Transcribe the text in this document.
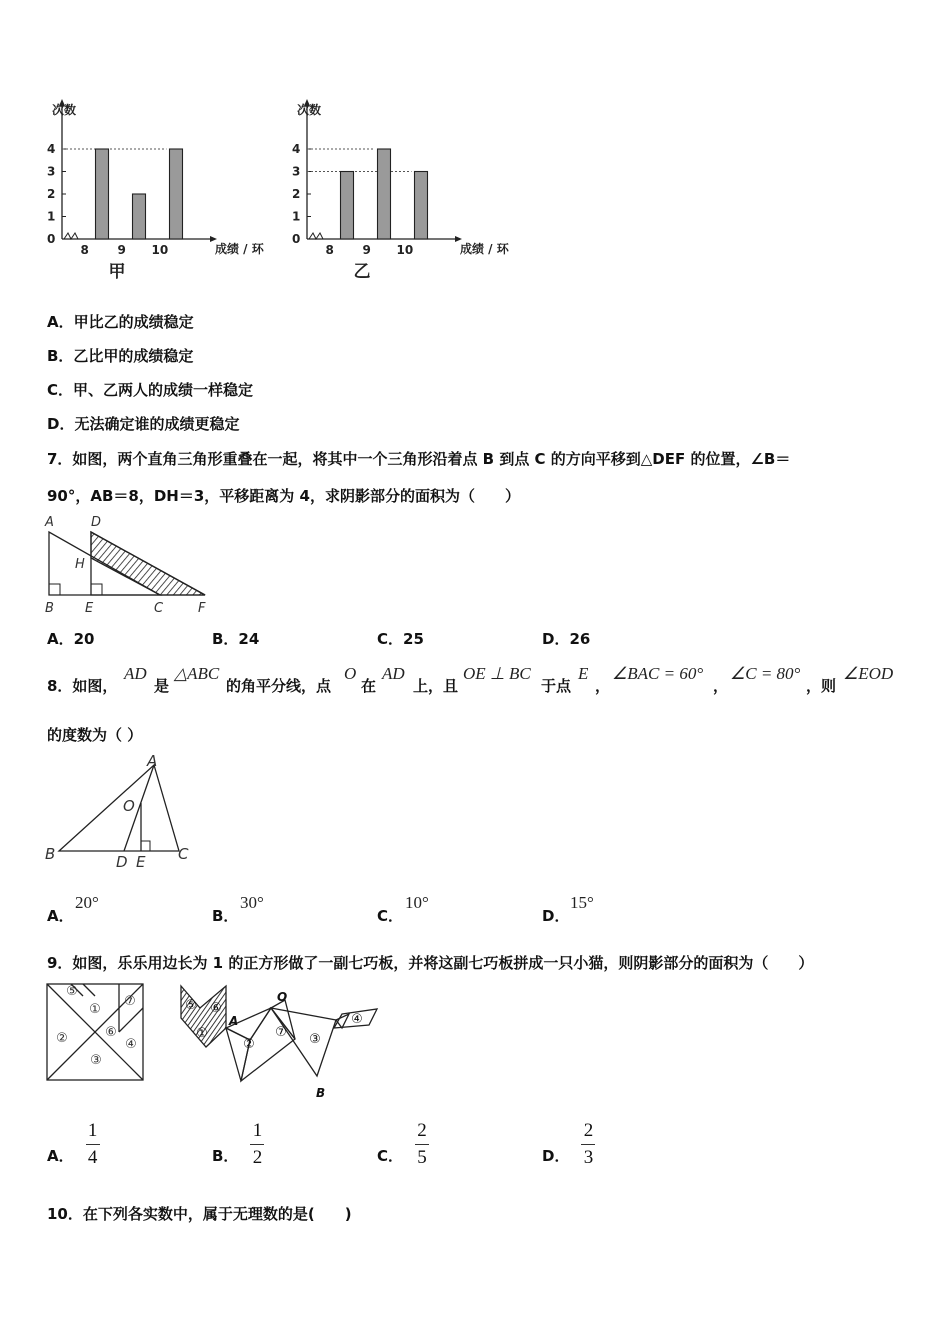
次数
0
1
2
3
4
8 9 10	成绩 / 环
甲
次数
0
1
2
3
4
8 9 10	成绩 / 环
乙
A．甲比乙的成绩稳定
B．乙比甲的成绩稳定
C．甲、乙两人的成绩一样稳定
D．无法确定谁的成绩更稳定
7．如图，两个直角三角形重叠在一起，将其中一个三角形沿着点 B 到点 C 的方向平移到△DEF 的位置，∠B＝
90°，AB＝8，DH＝3，平移距离为 4，求阴影部分的面积为（　　）
A	D
H
B E	C	F
A．20	B．24	C．25	D．26
8．如图，
AD
是
△ABC
的角平分线，点
O
在
AD
上，且
OE ⊥ BC
于点
E
，
∠BAC = 60°
，
∠C = 80°
，则
∠EOD
的度数为（ ）
A
O
B	D E C
A．
20°
B．
30°
C．
10°
D．
15°
9．如图，乐乐用边长为 1 的正方形做了一副七巧板，并将这副七巧板拼成一只小猫，则阴影部分的面积为（　　）
⑤
①
⑦
②	⑥
④
③
⑤ ⑥
①
②
⑦ ③
④
A
O
B
A． $\frac{1}{4}$	B． $\frac{1}{2}$	C． $\frac{2}{5}$	D． $\frac{2}{3}$
10．在下列各实数中，属于无理数的是(　　)
